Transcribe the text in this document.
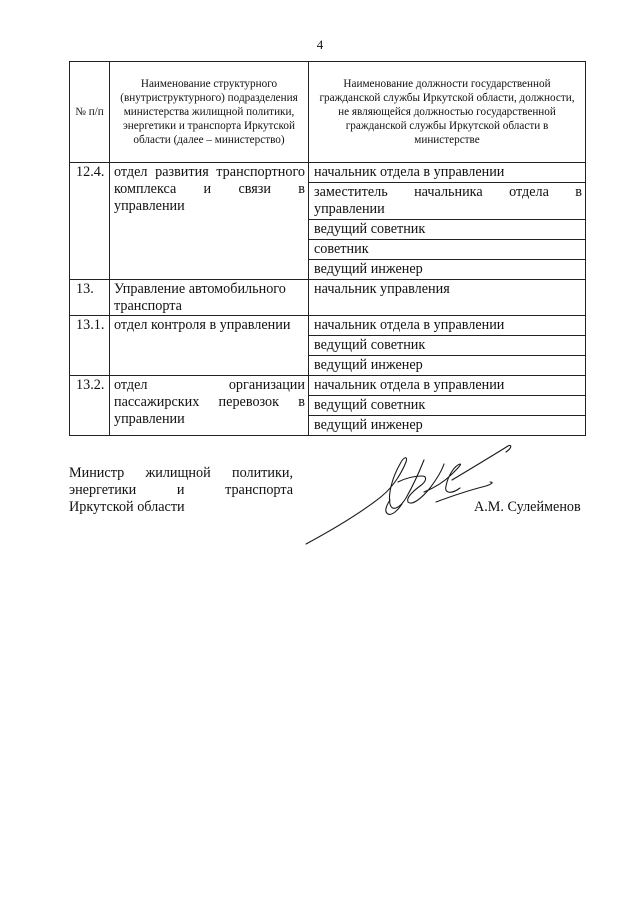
4
№ п/п	Наименование структурного (внутриструктурного) подразделения министерства жилищной политики, энергетики и транспорта Иркутской области (далее – министерство)	Наименование должности государственной гражданской службы Иркутской области, должности, не являющейся должностью государственной гражданской службы Иркутской области в министерстве
12.4.	отдел развития транспортного комплекса и связи в управлении	начальник отдела в управлении
		заместитель начальника отдела в управлении
		ведущий советник
		советник
		ведущий инженер
13.	Управление автомобильного транспорта	начальник управления
13.1.	отдел контроля в управлении	начальник отдела в управлении
		ведущий советник
		ведущий инженер
13.2.	отдел организации пассажирских перевозок в управлении	начальник отдела в управлении
		ведущий советник
		ведущий инженер
Министр жилищной политики,
энергетики и транспорта
Иркутской области	А.М. Сулейменов
